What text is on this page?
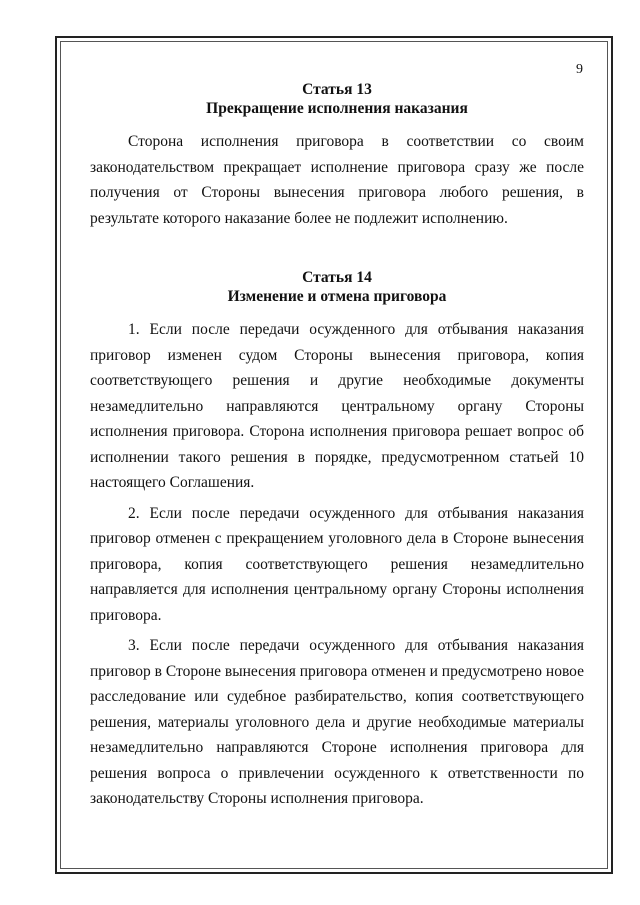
9

Статья 13

Прекращение исполнения наказания

Сторона исполнения приговора в соответствии со своим законодательством прекращает исполнение приговора сразу же после получения от Стороны вынесения приговора любого решения, в результате которого наказание более не подлежит исполнению.

Статья 14

Изменение и отмена приговора

1. Если после передачи осужденного для отбывания наказания приговор изменен судом Стороны вынесения приговора, копия соответствующего решения и другие необходимые документы незамедлительно направляются центральному органу Стороны исполнения приговора. Сторона исполнения приговора решает вопрос об исполнении такого решения в порядке, предусмотренном статьей 10 настоящего Соглашения.

2. Если после передачи осужденного для отбывания наказания приговор отменен с прекращением уголовного дела в Стороне вынесения приговора, копия соответствующего решения незамедлительно направляется для исполнения центральному органу Стороны исполнения приговора.

3. Если после передачи осужденного для отбывания наказания приговор в Стороне вынесения приговора отменен и предусмотрено новое расследование или судебное разбирательство, копия соответствующего решения, материалы уголовного дела и другие необходимые материалы незамедлительно направляются Стороне исполнения приговора для решения вопроса о привлечении осужденного к ответственности по законодательству Стороны исполнения приговора.
